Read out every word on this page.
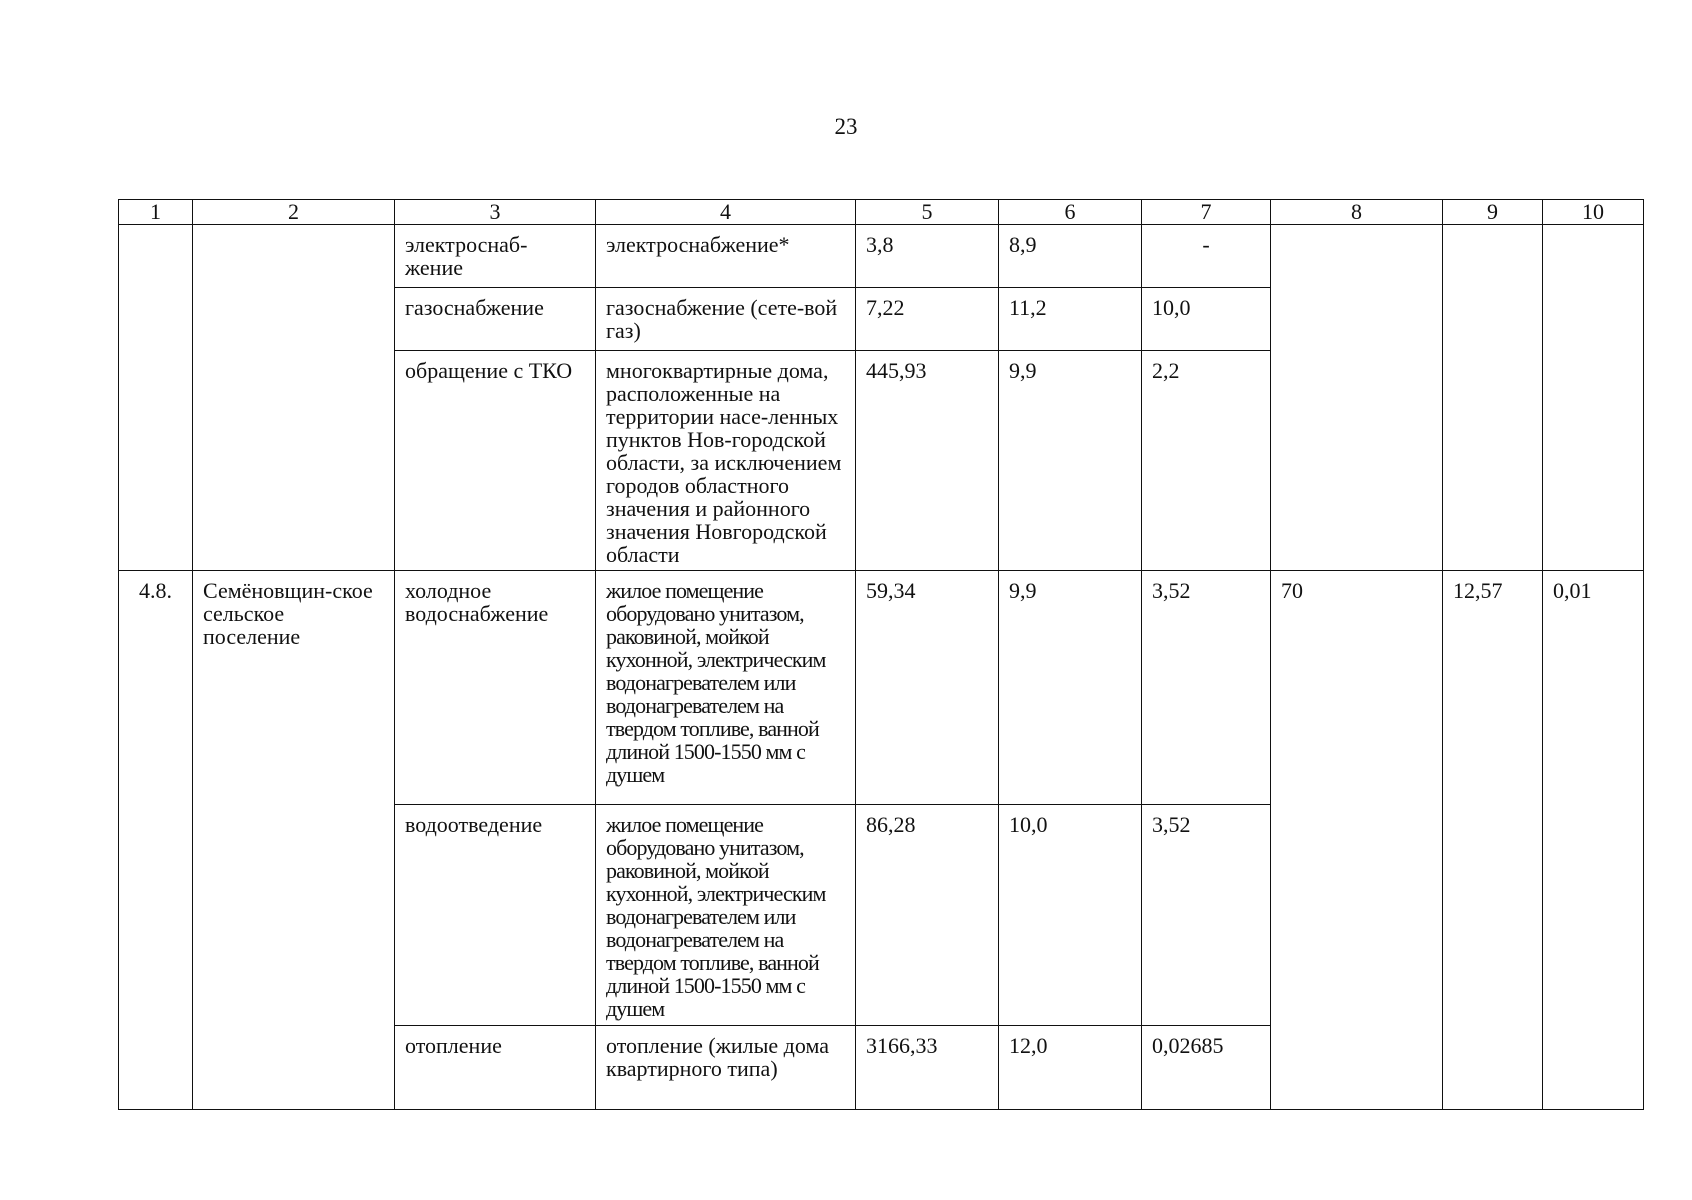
23
1	2	3	4	5	6	7	8	9	10
		электроснаб-жение	электроснабжение*	3,8	8,9	-			
		газоснабжение	газоснабжение (сете-вой газ)	7,22	11,2	10,0			
		обращение с ТКО	многоквартирные дома, расположенные на территории насе-ленных пунктов Нов-городской области, за исключением городов областного значения и районного значения Новгородской области	445,93	9,9	2,2			
4.8.	Семёновщин-ское сельское поселение	холодное водоснабжение	жилое помещение оборудовано унитазом, раковиной, мойкой кухонной, электрическим водонагревателем или водонагревателем на твердом топливе, ванной длиной 1500-1550 мм с душем	59,34	9,9	3,52	70	12,57	0,01
		водоотведение	жилое помещение оборудовано унитазом, раковиной, мойкой кухонной, электрическим водонагревателем или водонагревателем на твердом топливе, ванной длиной 1500-1550 мм с душем	86,28	10,0	3,52			
		отопление	отопление (жилые дома квартирного типа)	3166,33	12,0	0,02685			
